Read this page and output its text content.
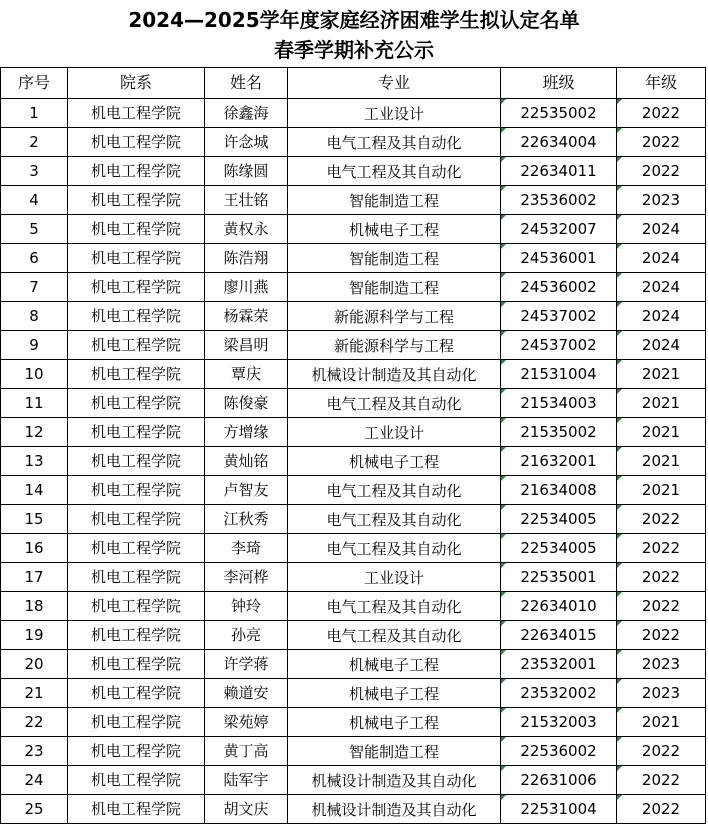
2024—2025学年度家庭经济困难学生拟认定名单
春季学期补充公示
序号	院系	姓名	专业	班级	年级
1	机电工程学院	徐鑫海	工业设计	22535002	2022
2	机电工程学院	许念城	电气工程及其自动化	22634004	2022
3	机电工程学院	陈缘圆	电气工程及其自动化	22634011	2022
4	机电工程学院	王壮铭	智能制造工程	23536002	2023
5	机电工程学院	黄权永	机械电子工程	24532007	2024
6	机电工程学院	陈浩翔	智能制造工程	24536001	2024
7	机电工程学院	廖川燕	智能制造工程	24536002	2024
8	机电工程学院	杨霖荣	新能源科学与工程	24537002	2024
9	机电工程学院	梁昌明	新能源科学与工程	24537002	2024
10	机电工程学院	覃庆	机械设计制造及其自动化	21531004	2021
11	机电工程学院	陈俊豪	电气工程及其自动化	21534003	2021
12	机电工程学院	方增缘	工业设计	21535002	2021
13	机电工程学院	黄灿铭	机械电子工程	21632001	2021
14	机电工程学院	卢智友	电气工程及其自动化	21634008	2021
15	机电工程学院	江秋秀	电气工程及其自动化	22534005	2022
16	机电工程学院	李琦	电气工程及其自动化	22534005	2022
17	机电工程学院	李河桦	工业设计	22535001	2022
18	机电工程学院	钟玲	电气工程及其自动化	22634010	2022
19	机电工程学院	孙亮	电气工程及其自动化	22634015	2022
20	机电工程学院	许学蒋	机械电子工程	23532001	2023
21	机电工程学院	赖道安	机械电子工程	23532002	2023
22	机电工程学院	梁苑婷	机械电子工程	21532003	2021
23	机电工程学院	黄丁高	智能制造工程	22536002	2022
24	机电工程学院	陆军宇	机械设计制造及其自动化	22631006	2022
25	机电工程学院	胡文庆	机械设计制造及其自动化	22531004	2022
